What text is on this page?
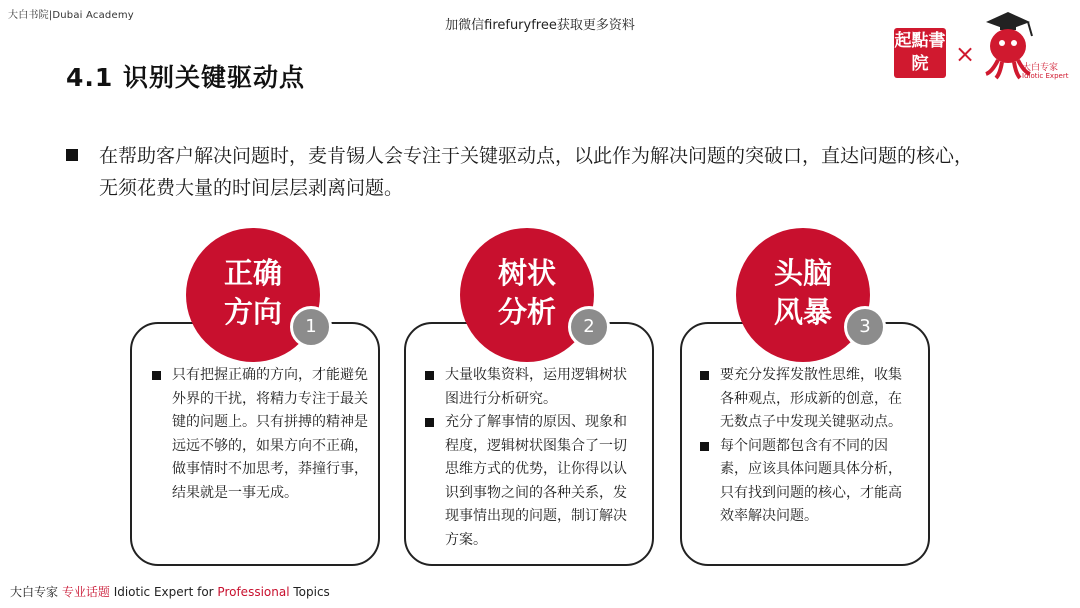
大白书院|Dubai Academy
加微信firefuryfree获取更多资料
4.1 识别关键驱动点
起點書院	×	大白专家
Idiotic Expert
在帮助客户解决问题时，麦肯锡人会专注于关键驱动点，以此作为解决问题的突破口，直达问题的核心，无须花费大量的时间层层剥离问题。
正确
方向	1
只有把握正确的方向，才能避免外界的干扰，将精力专注于最关键的问题上。只有拼搏的精神是远远不够的，如果方向不正确，做事情时不加思考，莽撞行事，结果就是一事无成。
树状
分析	2
大量收集资料，运用逻辑树状图进行分析研究。
充分了解事情的原因、现象和程度，逻辑树状图集合了一切思维方式的优势，让你得以认识到事物之间的各种关系，发现事情出现的问题，制订解决方案。
头脑
风暴	3
要充分发挥发散性思维，收集各种观点，形成新的创意，在无数点子中发现关键驱动点。
每个问题都包含有不同的因素，应该具体问题具体分析，只有找到问题的核心，才能高效率解决问题。
大白专家 专业话题 Idiotic Expert for Professional Topics
